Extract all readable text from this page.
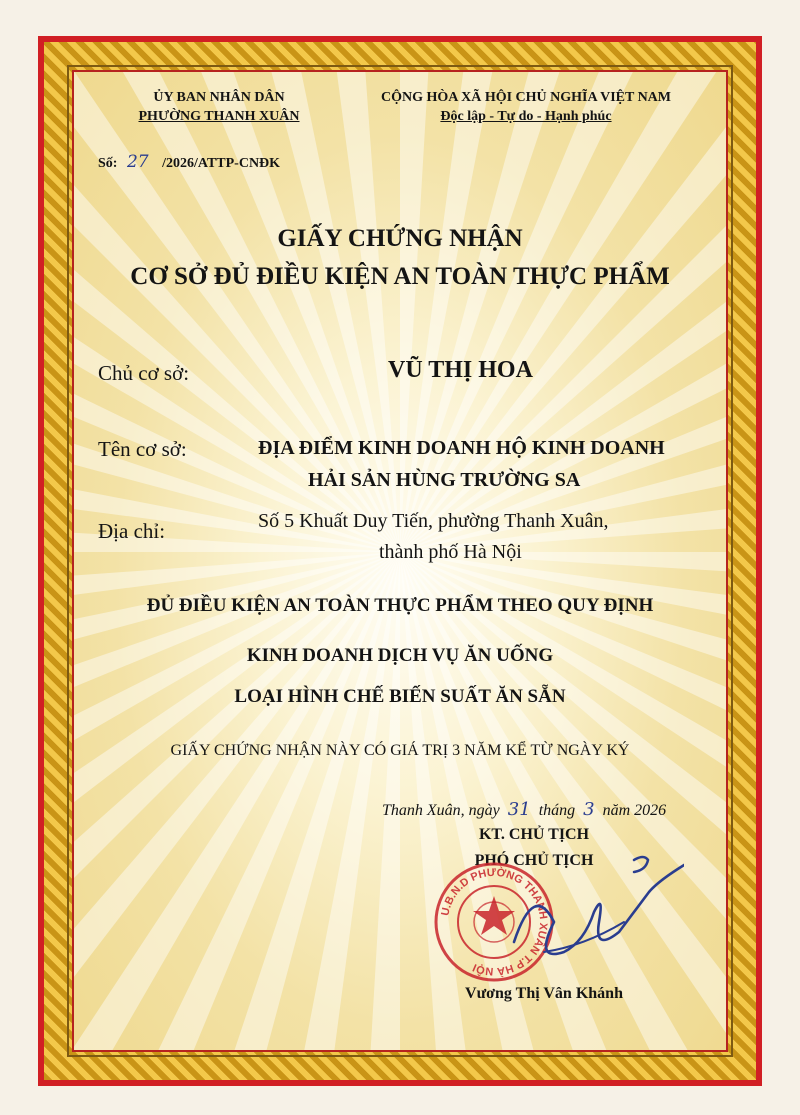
ỦY BAN NHÂN DÂN
PHƯỜNG THANH XUÂN
CỘNG HÒA XÃ HỘI CHỦ NGHĨA VIỆT NAM
Độc lập - Tự do - Hạnh phúc
Số: 27 /2026/ATTP-CNĐK
GIẤY CHỨNG NHẬN
CƠ SỞ ĐỦ ĐIỀU KIỆN AN TOÀN THỰC PHẨM
Chủ cơ sở:	VŨ THỊ HOA
Tên cơ sở:	ĐỊA ĐIỂM KINH DOANH HỘ KINH DOANH
HẢI SẢN HÙNG TRƯỜNG SA
Địa chỉ:	Số 5 Khuất Duy Tiến, phường Thanh Xuân,
thành phố Hà Nội
ĐỦ ĐIỀU KIỆN AN TOÀN THỰC PHẨM THEO QUY ĐỊNH
KINH DOANH DỊCH VỤ ĂN UỐNG
LOẠI HÌNH CHẾ BIẾN SUẤT ĂN SẴN
GIẤY CHỨNG NHẬN NÀY CÓ GIÁ TRỊ 3 NĂM KỂ TỪ NGÀY KÝ
Thanh Xuân, ngày 31 tháng 3 năm 2026
KT. CHỦ TỊCH
PHÓ CHỦ TỊCH
U.B.N.D PHƯỜNG THANH XUÂN T.P HÀ NỘI
Vương Thị Vân Khánh
